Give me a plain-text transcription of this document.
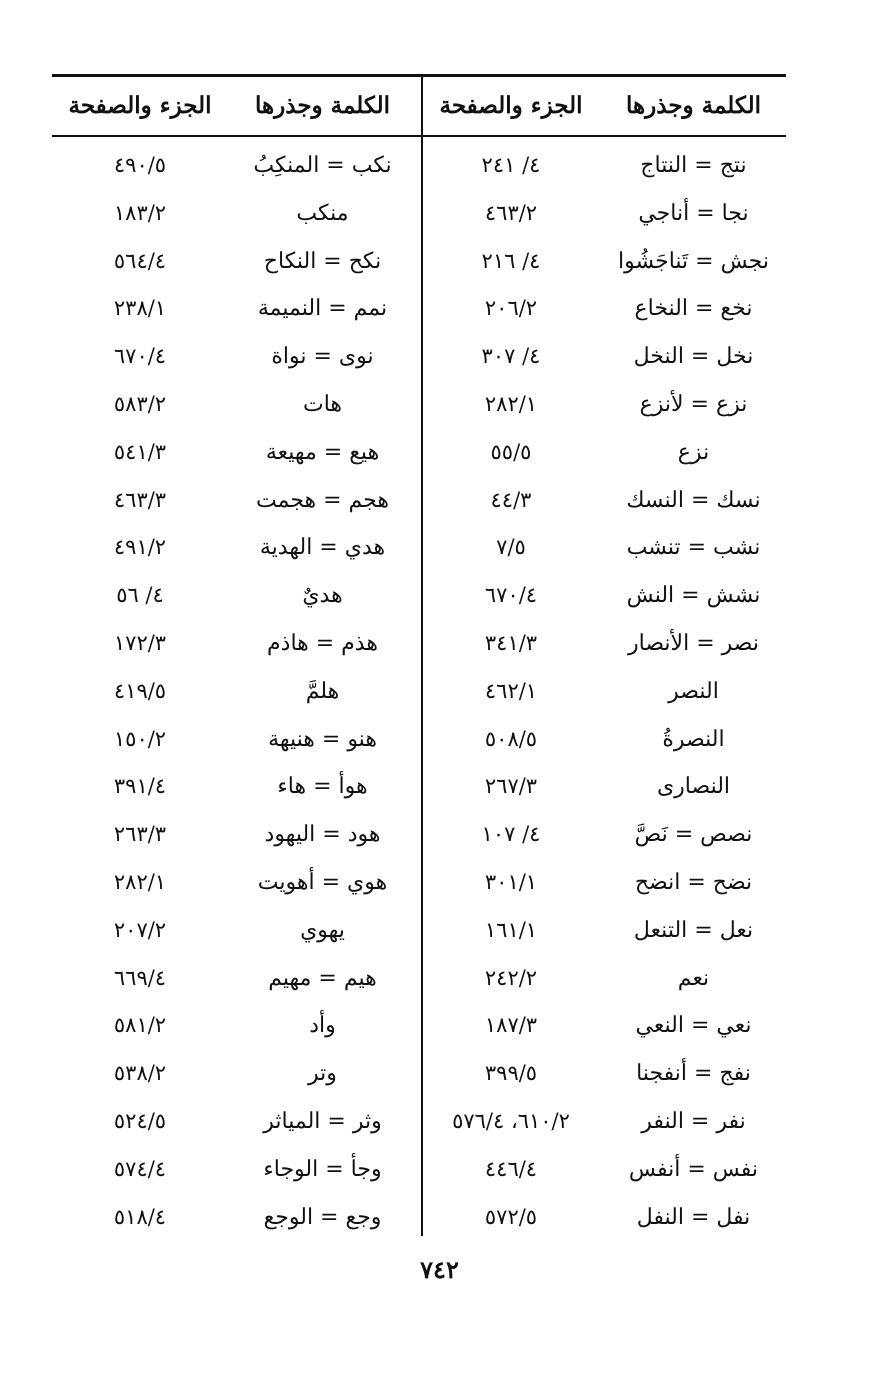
الكلمة وجذرها
الجزء والصفحة
نتج = النتاج
٤/ ٢٤١
نجا = أناجي
٤٦٣/٢
نجش = تَناجَشُوا
٤/ ٢١٦
نخع = النخاع
٢٠٦/٢
نخل = النخل
٤/ ٣٠٧
نزع = لأنزع
٢٨٢/١
نزع
٥٥/٥
نسك = النسك
٤٤/٣
نشب = تنشب
٧/٥
نشش = النش
٦٧٠/٤
نصر = الأنصار
٣٤١/٣
النصر
٤٦٢/١
النصرةُ
٥٠٨/٥
النصارى
٢٦٧/٣
نصص = نَصَّ
٤/ ١٠٧
نضح = انضح
٣٠١/١
نعل = التنعل
١٦١/١
نعم
٢٤٢/٢
نعي = النعي
١٨٧/٣
نفج = أنفجنا
٣٩٩/٥
نفر = النفر
٦١٠/٢، ٥٧٦/٤
نفس = أنفس
٤٤٦/٤
نفل = النفل
٥٧٢/٥
الكلمة وجذرها
الجزء والصفحة
نكب = المنكِبُ
٤٩٠/٥
منكب
١٨٣/٢
نكح = النكاح
٥٦٤/٤
نمم = النميمة
٢٣٨/١
نوى = نواة
٦٧٠/٤
هات
٥٨٣/٢
هيع = مهيعة
٥٤١/٣
هجم = هجمت
٤٦٣/٣
هدي = الهدية
٤٩١/٢
هديٌ
٤/ ٥٦
هذم = هاذم
١٧٢/٣
هلمَّ
٤١٩/٥
هنو = هنيهة
١٥٠/٢
هوأ = هاء
٣٩١/٤
هود = اليهود
٢٦٣/٣
هوي = أهويت
٢٨٢/١
يهوي
٢٠٧/٢
هيم = مهيم
٦٦٩/٤
وأد
٥٨١/٢
وتر
٥٣٨/٢
وثر = المياثر
٥٢٤/٥
وجأ = الوجاء
٥٧٤/٤
وجع = الوجع
٥١٨/٤
٧٤٢
